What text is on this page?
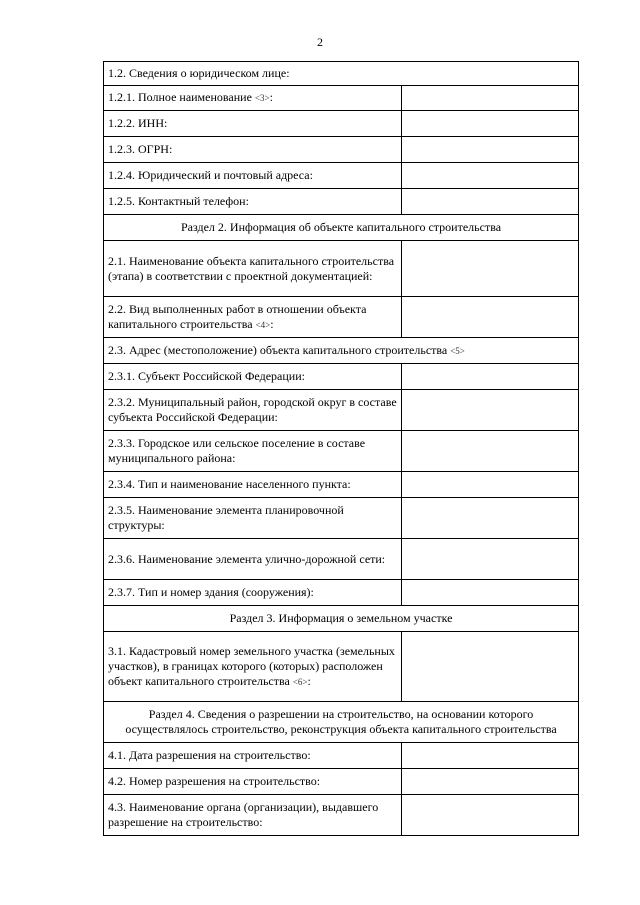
2
1.2. Сведения о юридическом лице:	
1.2.1. Полное наименование <3>:	
1.2.2. ИНН:	
1.2.3. ОГРН:	
1.2.4. Юридический и почтовый адреса:	
1.2.5. Контактный телефон:	
Раздел 2. Информация об объекте капитального строительства	
2.1. Наименование объекта капитального строительства (этапа) в соответствии с проектной документацией:	
2.2. Вид выполненных работ в отношении объекта капитального строительства <4>:	
2.3. Адрес (местоположение) объекта капитального строительства <5>	
2.3.1. Субъект Российской Федерации:	
2.3.2. Муниципальный район, городской округ в составе субъекта Российской Федерации:	
2.3.3. Городское или сельское поселение в составе муниципального района:	
2.3.4. Тип и наименование населенного пункта:	
2.3.5. Наименование элемента планировочной структуры:	
2.3.6. Наименование элемента улично-дорожной сети:	
2.3.7. Тип и номер здания (сооружения):	
Раздел 3. Информация о земельном участке	
3.1. Кадастровый номер земельного участка (земельных участков), в границах которого (которых) расположен объект капитального строительства <6>:	
Раздел 4. Сведения о разрешении на строительство, на основании которого осуществлялось строительство, реконструкция объекта капитального строительства	
4.1. Дата разрешения на строительство:	
4.2. Номер разрешения на строительство:	
4.3. Наименование органа (организации), выдавшего разрешение на строительство:	
